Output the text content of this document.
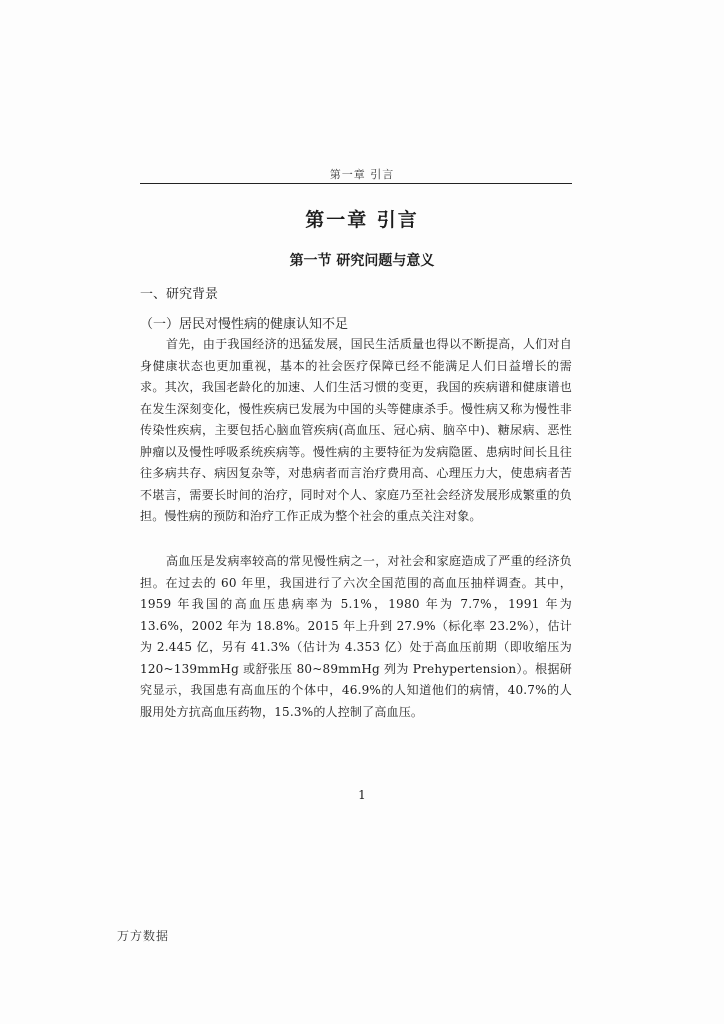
第一章 引言
第一章 引言
第一节 研究问题与意义
一、研究背景
（一）居民对慢性病的健康认知不足

首先，由于我国经济的迅猛发展，国民生活质量也得以不断提高，人们对自身健康状态也更加重视，基本的社会医疗保障已经不能满足人们日益增长的需求。其次，我国老龄化的加速、人们生活习惯的变更，我国的疾病谱和健康谱也在发生深刻变化，慢性疾病已发展为中国的头等健康杀手。慢性病又称为慢性非传染性疾病，主要包括心脑血管疾病(高血压、冠心病、脑卒中)、糖尿病、恶性肿瘤以及慢性呼吸系统疾病等。慢性病的主要特征为发病隐匿、患病时间长且往往多病共存、病因复杂等，对患病者而言治疗费用高、心理压力大，使患病者苦不堪言，需要长时间的治疗，同时对个人、家庭乃至社会经济发展形成繁重的负担。慢性病的预防和治疗工作正成为整个社会的重点关注对象。

高血压是发病率较高的常见慢性病之一，对社会和家庭造成了严重的经济负担。在过去的 60 年里，我国进行了六次全国范围的高血压抽样调查。其中，1959 年我国的高血压患病率为 5.1%，1980 年为 7.7%，1991 年为 13.6%，2002 年为 18.8%。2015 年上升到 27.9%（标化率 23.2%），估计为 2.445 亿，另有 41.3%（估计为 4.353 亿）处于高血压前期（即收缩压为 120~139mmHg 或舒张压 80~89mmHg 列为 Prehypertension）。根据研究显示，我国患有高血压的个体中，46.9%的人知道他们的病情，40.7%的人服用处方抗高血压药物，15.3%的人控制了高血压。

1
万方数据
